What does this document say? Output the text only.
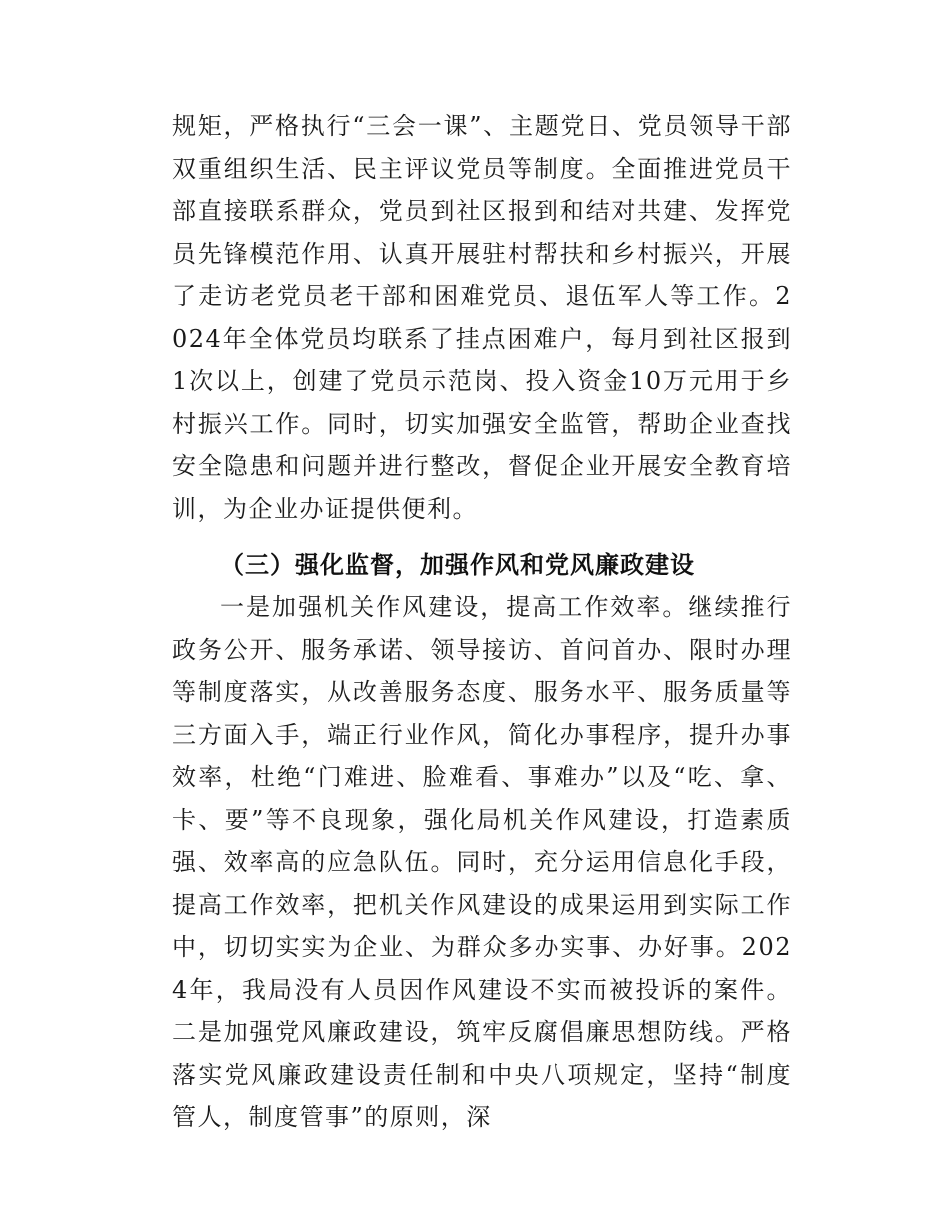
规矩，严格执行“三会一课”、主题党日、党员领导干部双重组织生活、民主评议党员等制度。全面推进党员干部直接联系群众，党员到社区报到和结对共建、发挥党员先锋模范作用、认真开展驻村帮扶和乡村振兴，开展了走访老党员老干部和困难党员、退伍军人等工作。2024年全体党员均联系了挂点困难户，每月到社区报到1次以上，创建了党员示范岗、投入资金10万元用于乡村振兴工作。同时，切实加强安全监管，帮助企业查找安全隐患和问题并进行整改，督促企业开展安全教育培训，为企业办证提供便利。

（三）强化监督，加强作风和党风廉政建设

一是加强机关作风建设，提高工作效率。继续推行政务公开、服务承诺、领导接访、首问首办、限时办理等制度落实，从改善服务态度、服务水平、服务质量等三方面入手，端正行业作风，简化办事程序，提升办事效率，杜绝“门难进、脸难看、事难办”以及“吃、拿、卡、要”等不良现象，强化局机关作风建设，打造素质强、效率高的应急队伍。同时，充分运用信息化手段，提高工作效率，把机关作风建设的成果运用到实际工作中，切切实实为企业、为群众多办实事、办好事。2024年，我局没有人员因作风建设不实而被投诉的案件。二是加强党风廉政建设，筑牢反腐倡廉思想防线。严格落实党风廉政建设责任制和中央八项规定，坚持“制度管人，制度管事”的原则，深
